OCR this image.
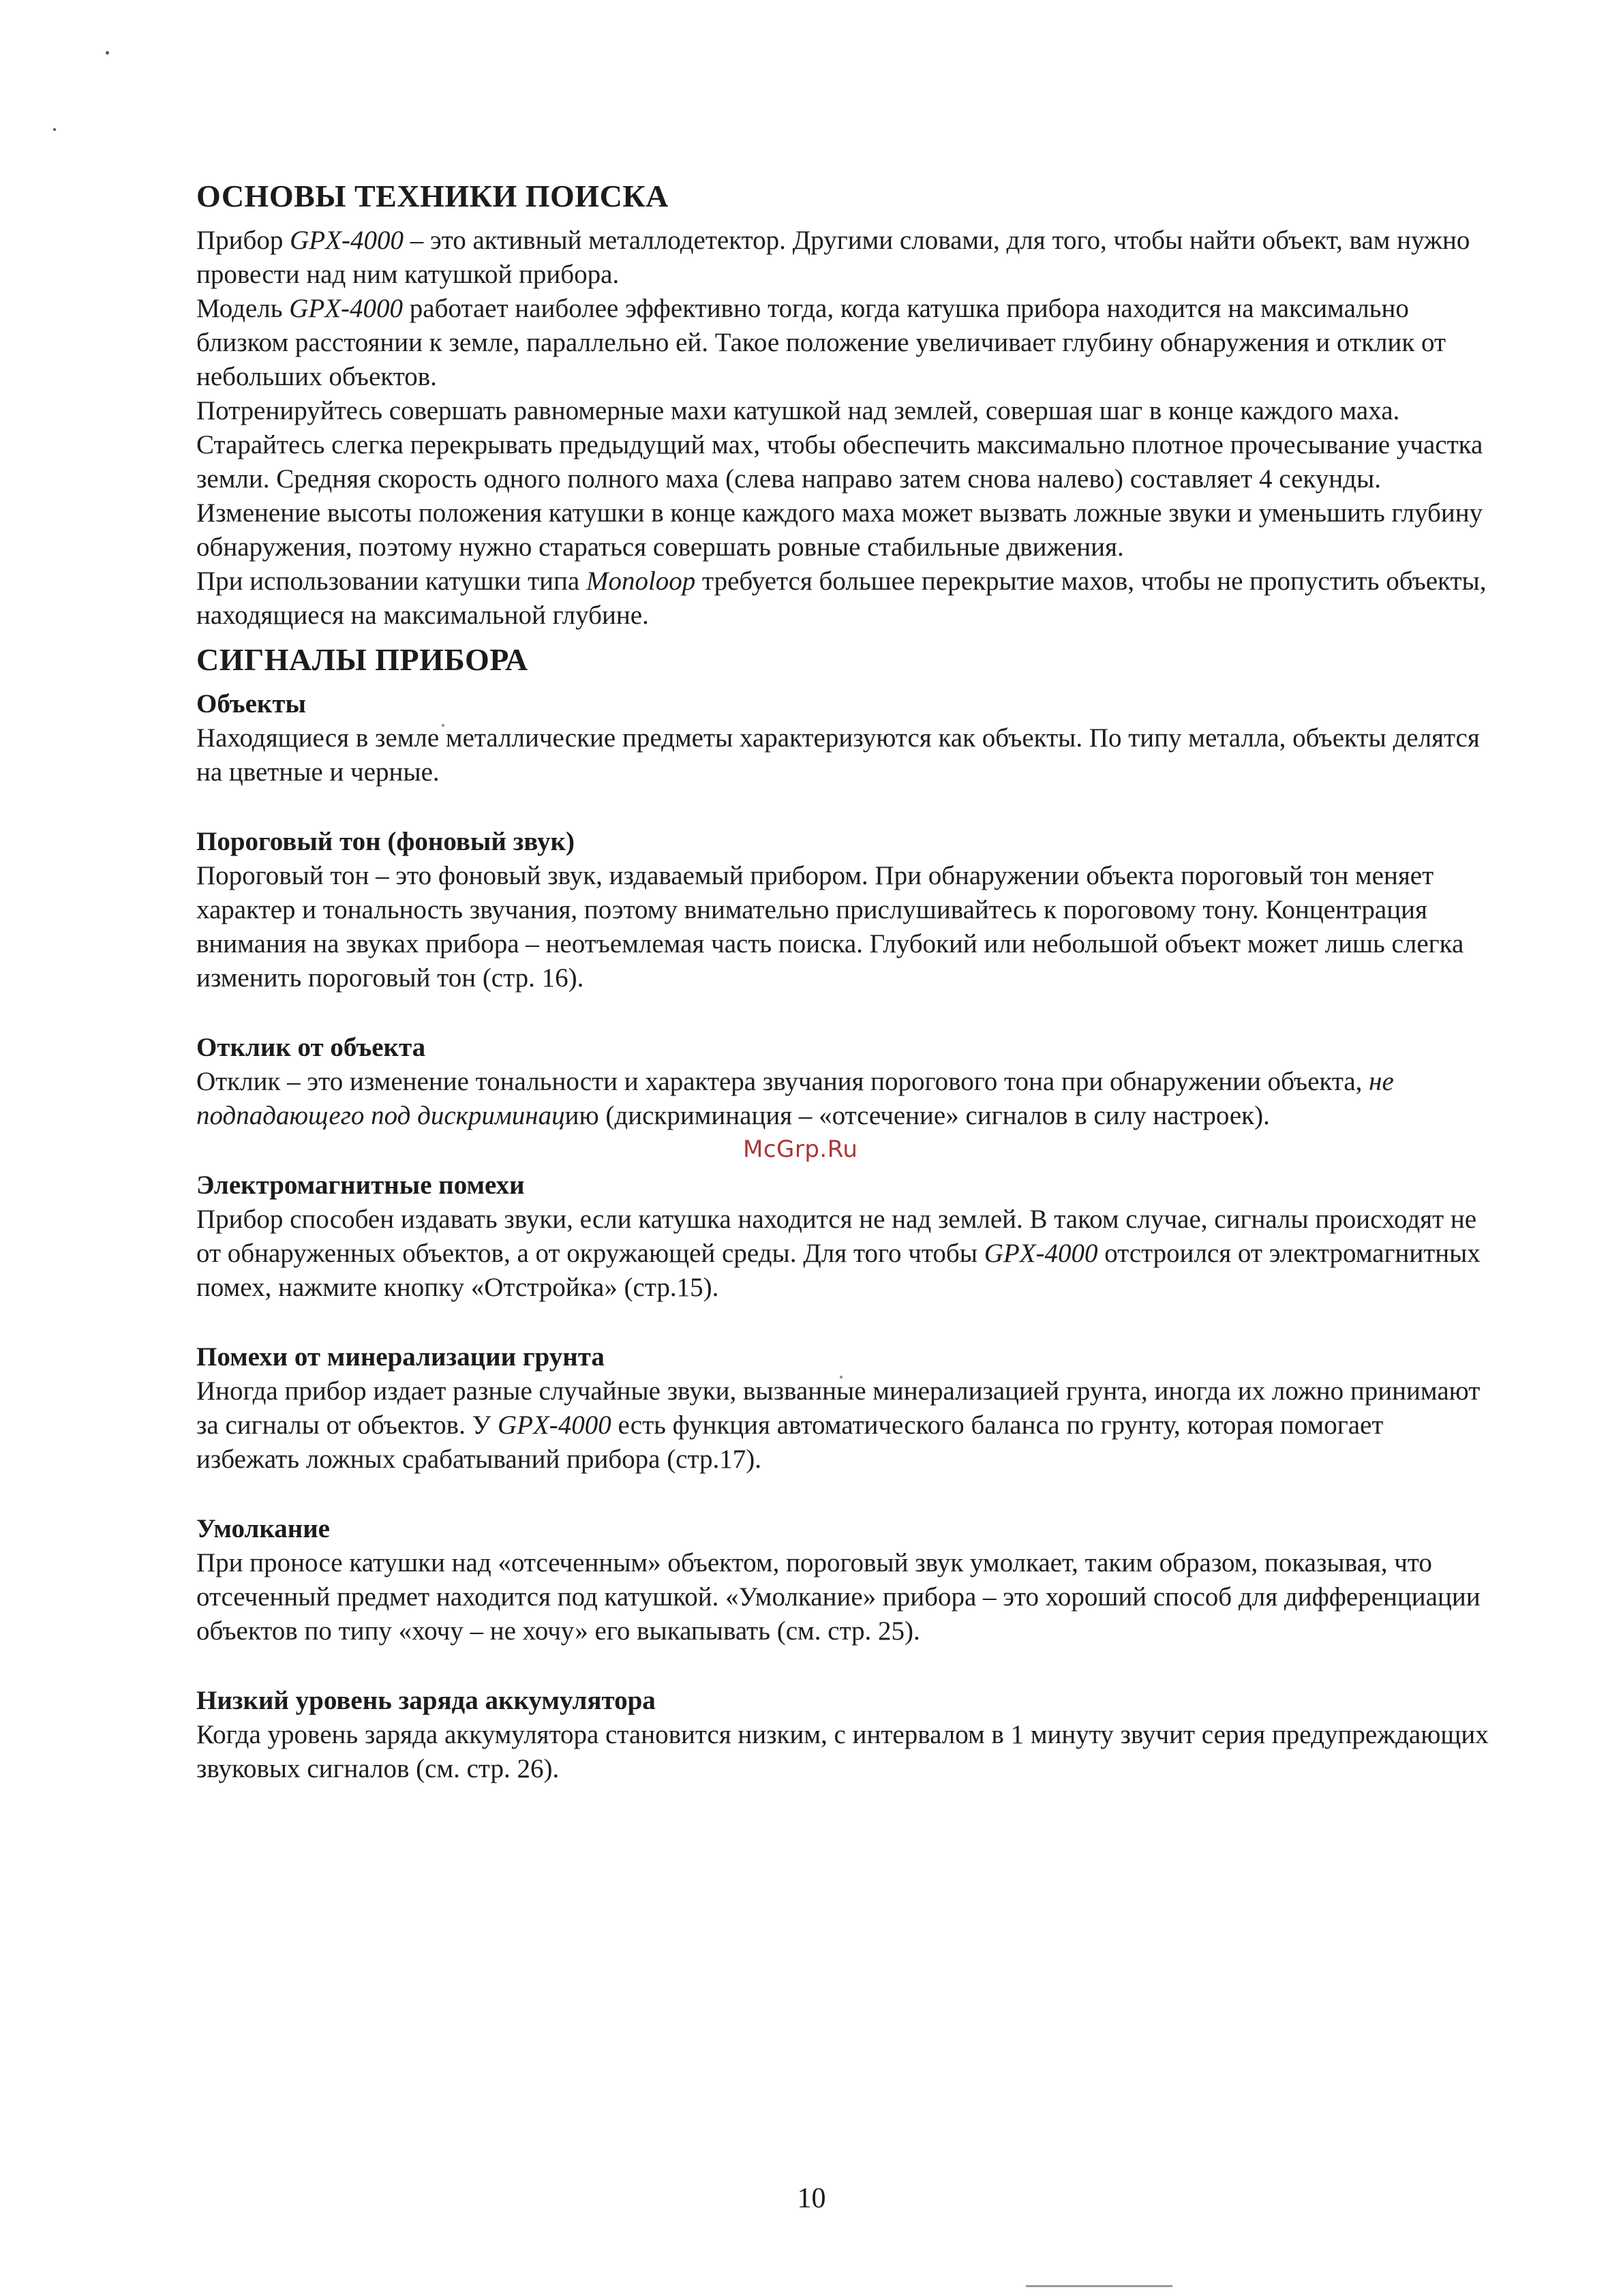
ОСНОВЫ ТЕХНИКИ ПОИСКА

Прибор GPX-4000 – это активный металлодетектор. Другими словами, для того, чтобы найти объект, вам нужно провести над ним катушкой прибора.

Модель GPX-4000 работает наиболее эффективно тогда, когда катушка прибора находится на максимально близком расстоянии к земле, параллельно ей. Такое положение увеличивает глубину обнаружения и отклик от небольших объектов.

Потренируйтесь совершать равномерные махи катушкой над землей, совершая шаг в конце каждого маха. Старайтесь слегка перекрывать предыдущий мах, чтобы обеспечить максимально плотное прочесывание участка земли. Средняя скорость одного полного маха (слева направо затем снова налево) составляет 4 секунды. Изменение высоты положения катушки в конце каждого маха может вызвать ложные звуки и уменьшить глубину обнаружения, поэтому нужно стараться совершать ровные стабильные движения.

При использовании катушки типа Monoloop требуется большее перекрытие махов, чтобы не пропустить объекты, находящиеся на максимальной глубине.

СИГНАЛЫ ПРИБОРА
Объекты

Находящиеся в земле металлические предметы характеризуются как объекты. По типу металла, объекты делятся на цветные и черные.

Пороговый тон (фоновый звук)

Пороговый тон – это фоновый звук, издаваемый прибором. При обнаружении объекта пороговый тон меняет характер и тональность звучания, поэтому внимательно прислушивайтесь к пороговому тону. Концентрация внимания на звуках прибора – неотъемлемая часть поиска. Глубокий или небольшой объект может лишь слегка изменить пороговый тон (стр. 16).

Отклик от объекта

Отклик – это изменение тональности и характера звучания порогового тона при обнаружении объекта, не подпадающего под дискриминацию (дискриминация – «отсечение» сигналов в силу настроек).

Электромагнитные помехи

Прибор способен издавать звуки, если катушка находится не над землей. В таком случае, сигналы происходят не от обнаруженных объектов, а от окружающей среды. Для того чтобы GPX-4000 отстроился от электромагнитных помех, нажмите кнопку «Отстройка» (стр.15).

Помехи от минерализации грунта

Иногда прибор издает разные случайные звуки, вызванные минерализацией грунта, иногда их ложно принимают за сигналы от объектов. У GPX-4000 есть функция автоматического баланса по грунту, которая помогает избежать ложных срабатываний прибора (стр.17).

Умолкание

При проносе катушки над «отсеченным» объектом, пороговый звук умолкает, таким образом, показывая, что отсеченный предмет находится под катушкой. «Умолкание» прибора – это хороший способ для дифференциации объектов по типу «хочу – не хочу» его выкапывать (см. стр. 25).

Низкий уровень заряда аккумулятора

Когда уровень заряда аккумулятора становится низким, с интервалом в 1 минуту звучит серия предупреждающих звуковых сигналов (см. стр. 26).

McGrp.Ru
10
